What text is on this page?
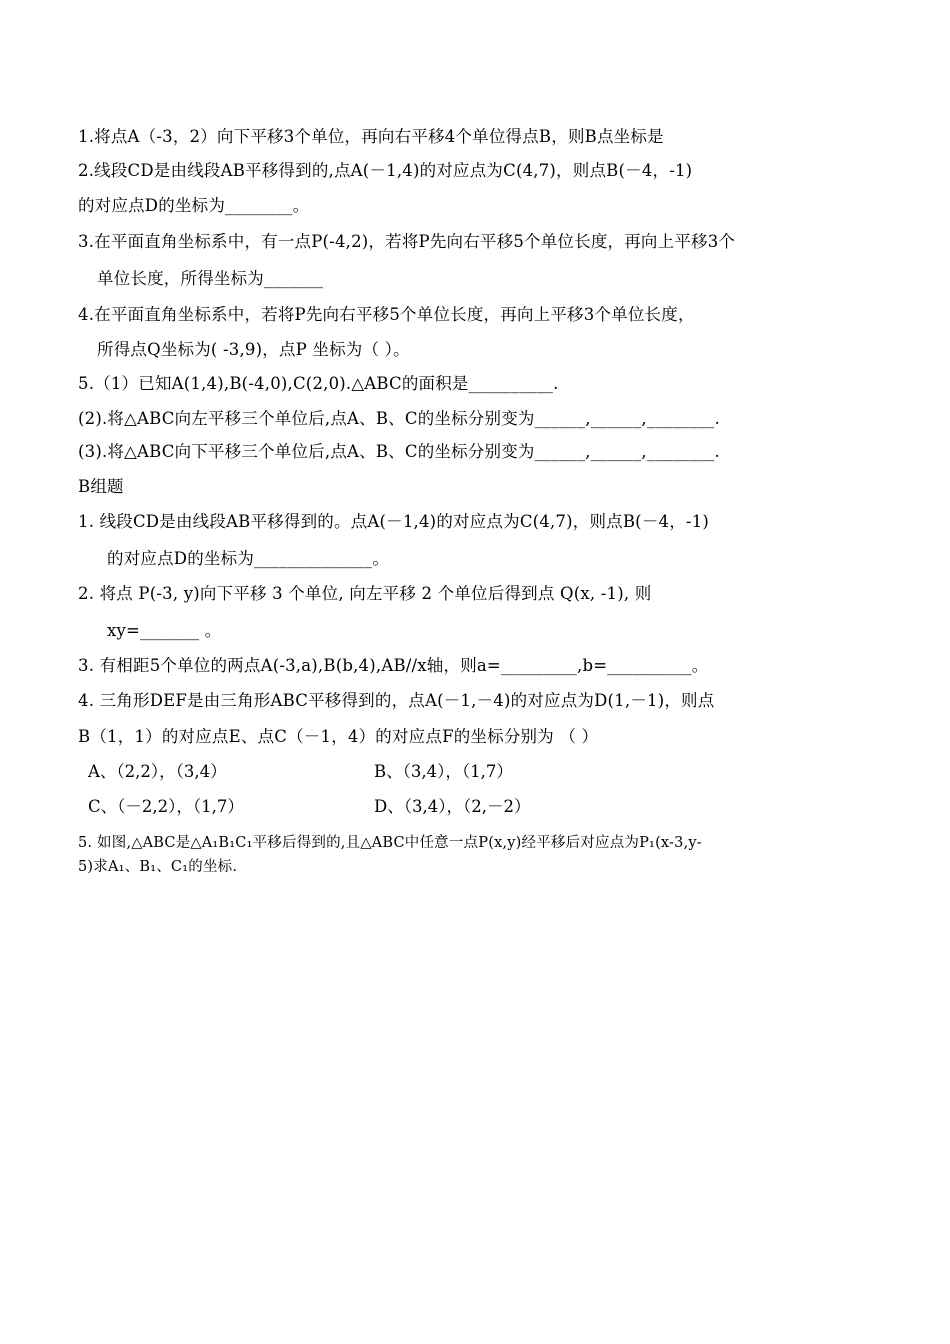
1.将点A（-3，2）向下平移3个单位，再向右平移4个单位得点B，则B点坐标是
2.线段CD是由线段AB平移得到的,点A(－1,4)的对应点为C(4,7)，则点B(－4，-1)
的对应点D的坐标为________。
3.在平面直角坐标系中，有一点P(-4,2)，若将P先向右平移5个单位长度，再向上平移3个
单位长度，所得坐标为_______
4.在平面直角坐标系中，若将P先向右平移5个单位长度，再向上平移3个单位长度，
所得点Q坐标为( -3,9)，点P 坐标为（ ）。
5.（1）已知A(1,4),B(-4,0),C(2,0).△ABC的面积是__________.
(2).将△ABC向左平移三个单位后,点A、B、C的坐标分别变为______,______,________.
(3).将△ABC向下平移三个单位后,点A、B、C的坐标分别变为______,______,________.
B组题
1. 线段CD是由线段AB平移得到的。点A(－1,4)的对应点为C(4,7)，则点B(－4，-1)
的对应点D的坐标为______________。
2. 将点 P(-3, y)向下平移 3 个单位, 向左平移 2 个单位后得到点 Q(x, -1), 则
xy=_______ 。
3. 有相距5个单位的两点A(-3,a),B(b,4),AB//x轴，则a=_________,b=__________。
4. 三角形DEF是由三角形ABC平移得到的，点A(－1,－4)的对应点为D(1,－1)，则点
B（1，1）的对应点E、点C（－1，4）的对应点F的坐标分别为 （ ）
A、（2,2），（3,4）	B、（3,4），（1,7）
C、（－2,2），（1,7）	D、（3,4），（2,－2）
5. 如图,△ABC是△A₁B₁C₁平移后得到的,且△ABC中任意一点P(x,y)经平移后对应点为P₁(x-3,y-
5)求A₁、B₁、C₁的坐标.
